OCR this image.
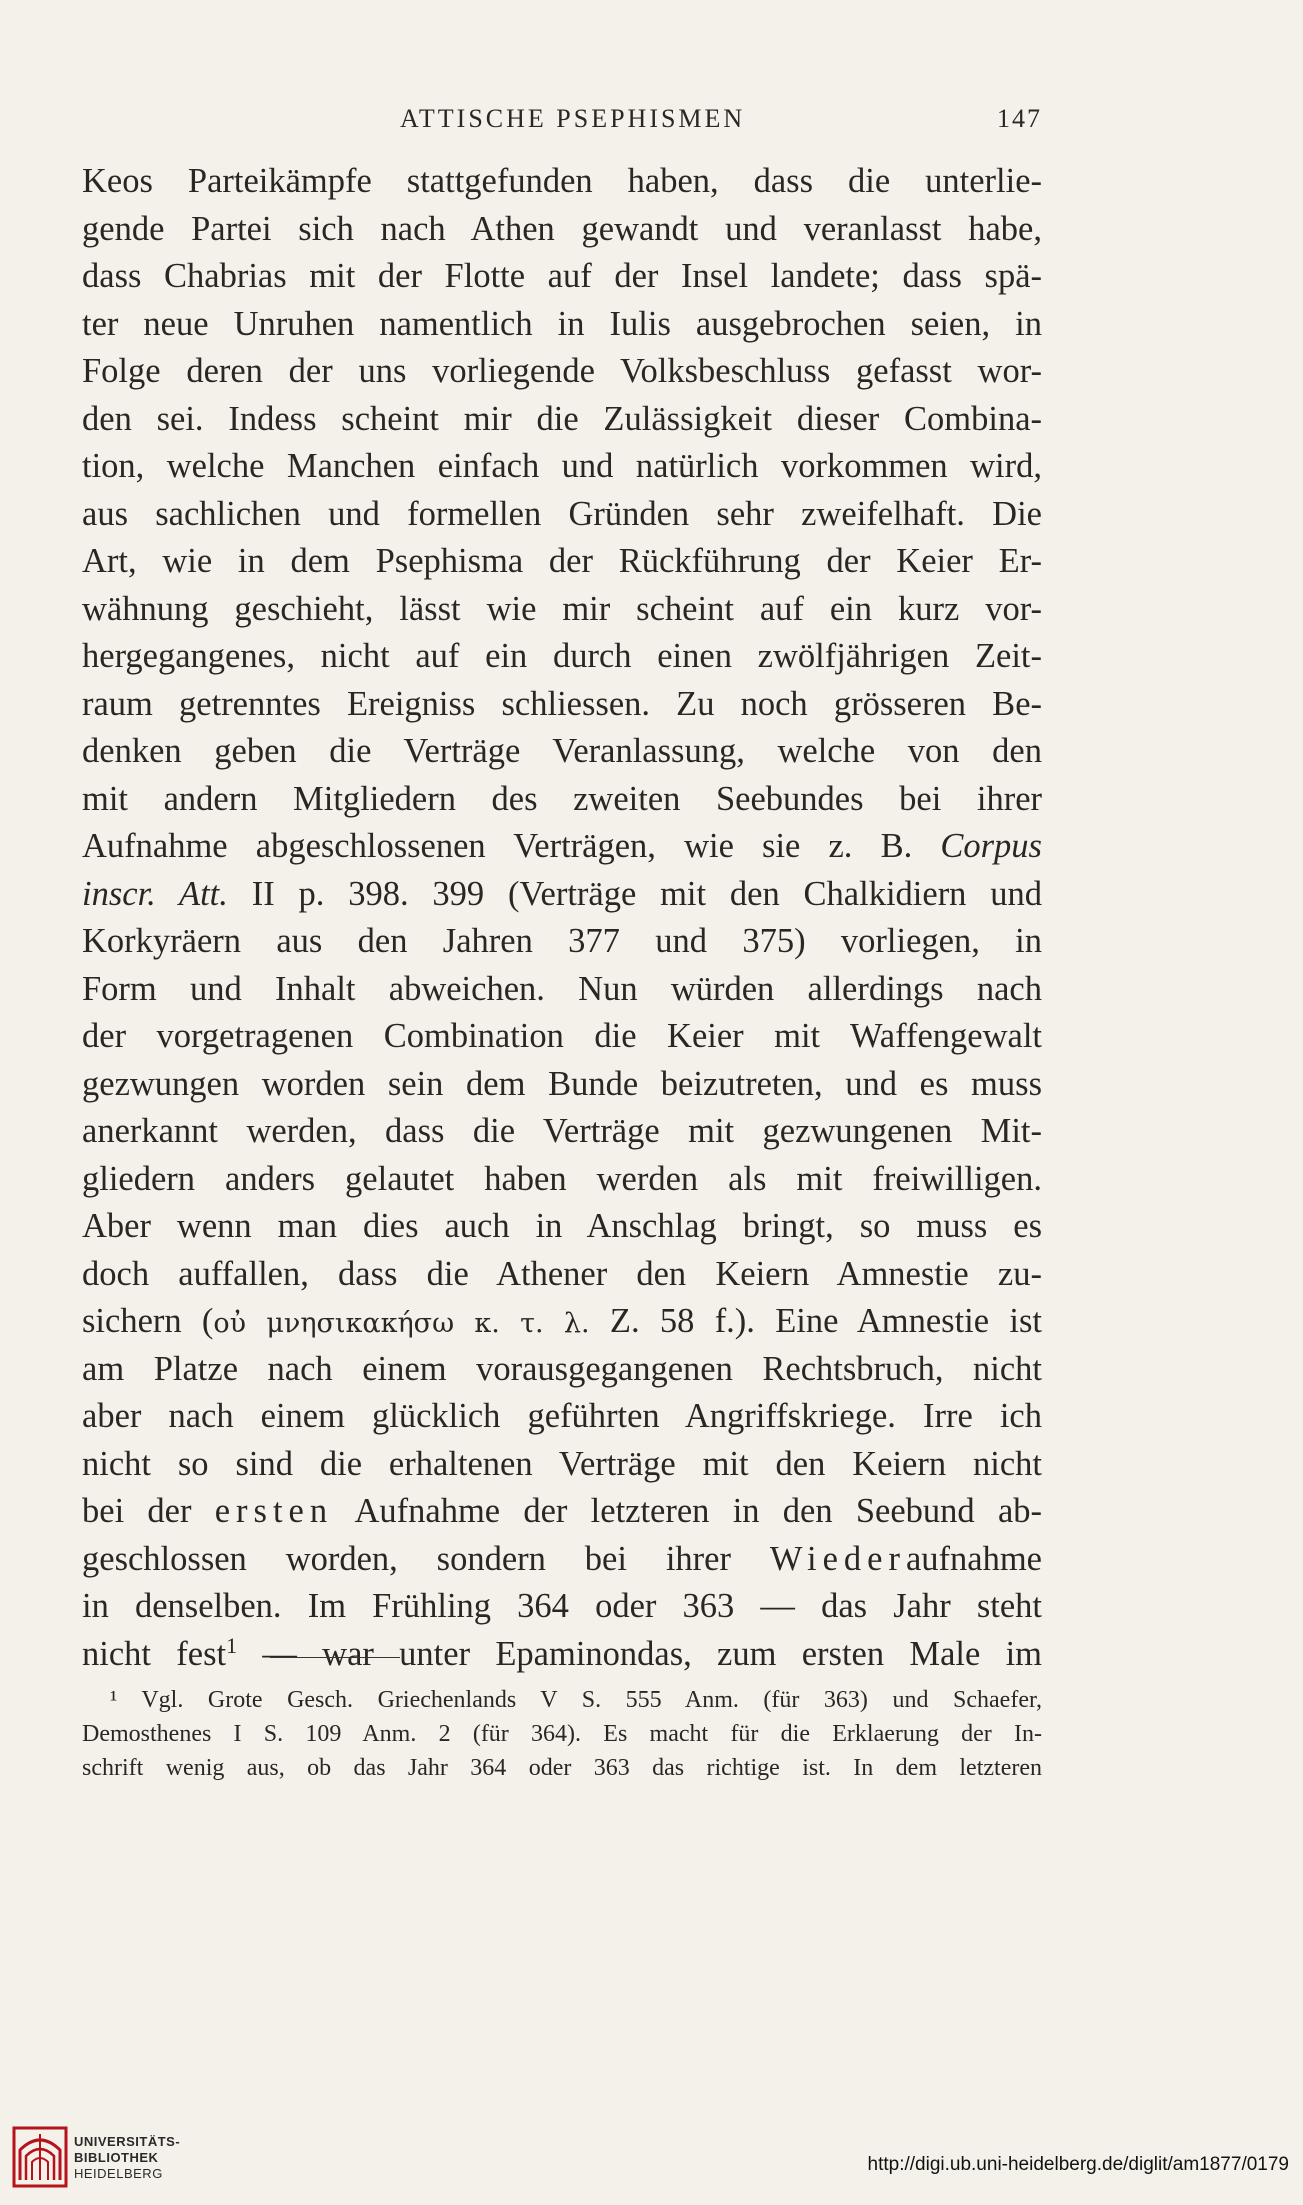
ATTISCHE PSEPHISMEN	147
Keos Parteikämpfe stattgefunden haben, dass die unterlie-
gende Partei sich nach Athen gewandt und veranlasst habe,
dass Chabrias mit der Flotte auf der Insel landete; dass spä-
ter neue Unruhen namentlich in Iulis ausgebrochen seien, in
Folge deren der uns vorliegende Volksbeschluss gefasst wor-
den sei. Indess scheint mir die Zulässigkeit dieser Combina-
tion, welche Manchen einfach und natürlich vorkommen wird,
aus sachlichen und formellen Gründen sehr zweifelhaft. Die
Art, wie in dem Psephisma der Rückführung der Keier Er-
wähnung geschieht, lässt wie mir scheint auf ein kurz vor-
hergegangenes, nicht auf ein durch einen zwölfjährigen Zeit-
raum getrenntes Ereigniss schliessen. Zu noch grösseren Be-
denken geben die Verträge Veranlassung, welche von den
mit andern Mitgliedern des zweiten Seebundes bei ihrer
Aufnahme abgeschlossenen Verträgen, wie sie z. B. Corpus
inscr. Att. II p. 398. 399 (Verträge mit den Chalkidiern und
Korkyräern aus den Jahren 377 und 375) vorliegen, in
Form und Inhalt abweichen. Nun würden allerdings nach
der vorgetragenen Combination die Keier mit Waffengewalt
gezwungen worden sein dem Bunde beizutreten, und es muss
anerkannt werden, dass die Verträge mit gezwungenen Mit-
gliedern anders gelautet haben werden als mit freiwilligen.
Aber wenn man dies auch in Anschlag bringt, so muss es
doch auffallen, dass die Athener den Keiern Amnestie zu-
sichern (οὐ μνησικακήσω κ. τ. λ. Z. 58 f.). Eine Amnestie ist
am Platze nach einem vorausgegangenen Rechtsbruch, nicht
aber nach einem glücklich geführten Angriffskriege. Irre ich
nicht so sind die erhaltenen Verträge mit den Keiern nicht
bei der ersten Aufnahme der letzteren in den Seebund ab-
geschlossen worden, sondern bei ihrer Wiederaufnahme
in denselben. Im Frühling 364 oder 363 — das Jahr steht
nicht fest$^1$ — war unter Epaminondas, zum ersten Male im
¹ Vgl. Grote Gesch. Griechenlands V S. 555 Anm. (für 363) und Schaefer,
Demosthenes I S. 109 Anm. 2 (für 364). Es macht für die Erklaerung der In-
schrift wenig aus, ob das Jahr 364 oder 363 das richtige ist. In dem letzteren
UNIVERSITÄTS-
BIBLIOTHEK
HEIDELBERG	http://digi.ub.uni-heidelberg.de/diglit/am1877/0179
